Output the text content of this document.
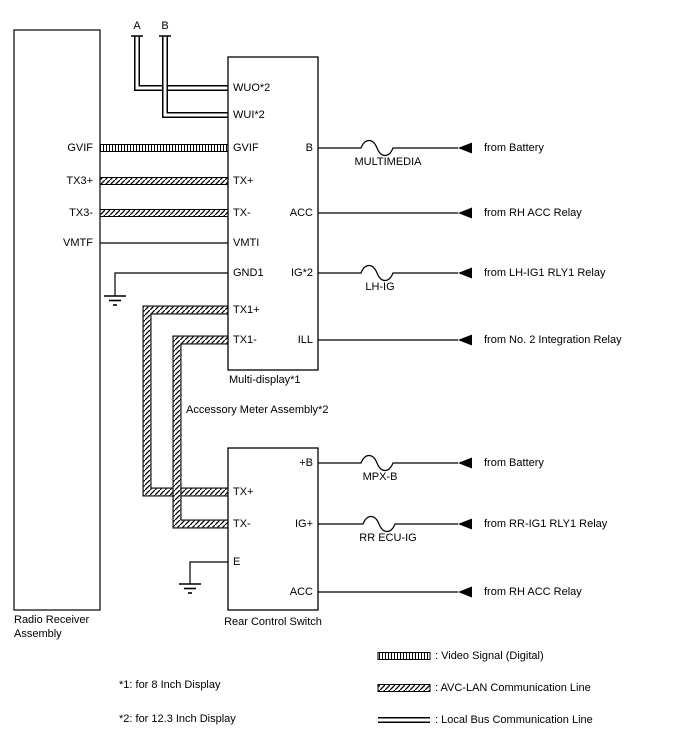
A B
GVIF
TX3+
TX3-
VMTF
Radio Receiver
Assembly
WUO*2
WUI*2
GVIF
TX+
TX-
VMTI
GND1
TX1+
TX1-
B
ACC
IG*2
ILL
Multi-display*1
Accessory Meter Assembly*2
TX+
TX-
E
+B
IG+
ACC
Rear Control Switch
MULTIMEDIA
LH-IG
MPX-B
RR ECU-IG
from Battery
from RH ACC Relay
from LH-IG1 RLY1 Relay
from No. 2 Integration Relay
from Battery
from RR-IG1 RLY1 Relay
from RH ACC Relay
: Video Signal (Digital)
: AVC-LAN Communication Line
: Local Bus Communication Line
*1: for 8 Inch Display
*2: for 12.3 Inch Display
